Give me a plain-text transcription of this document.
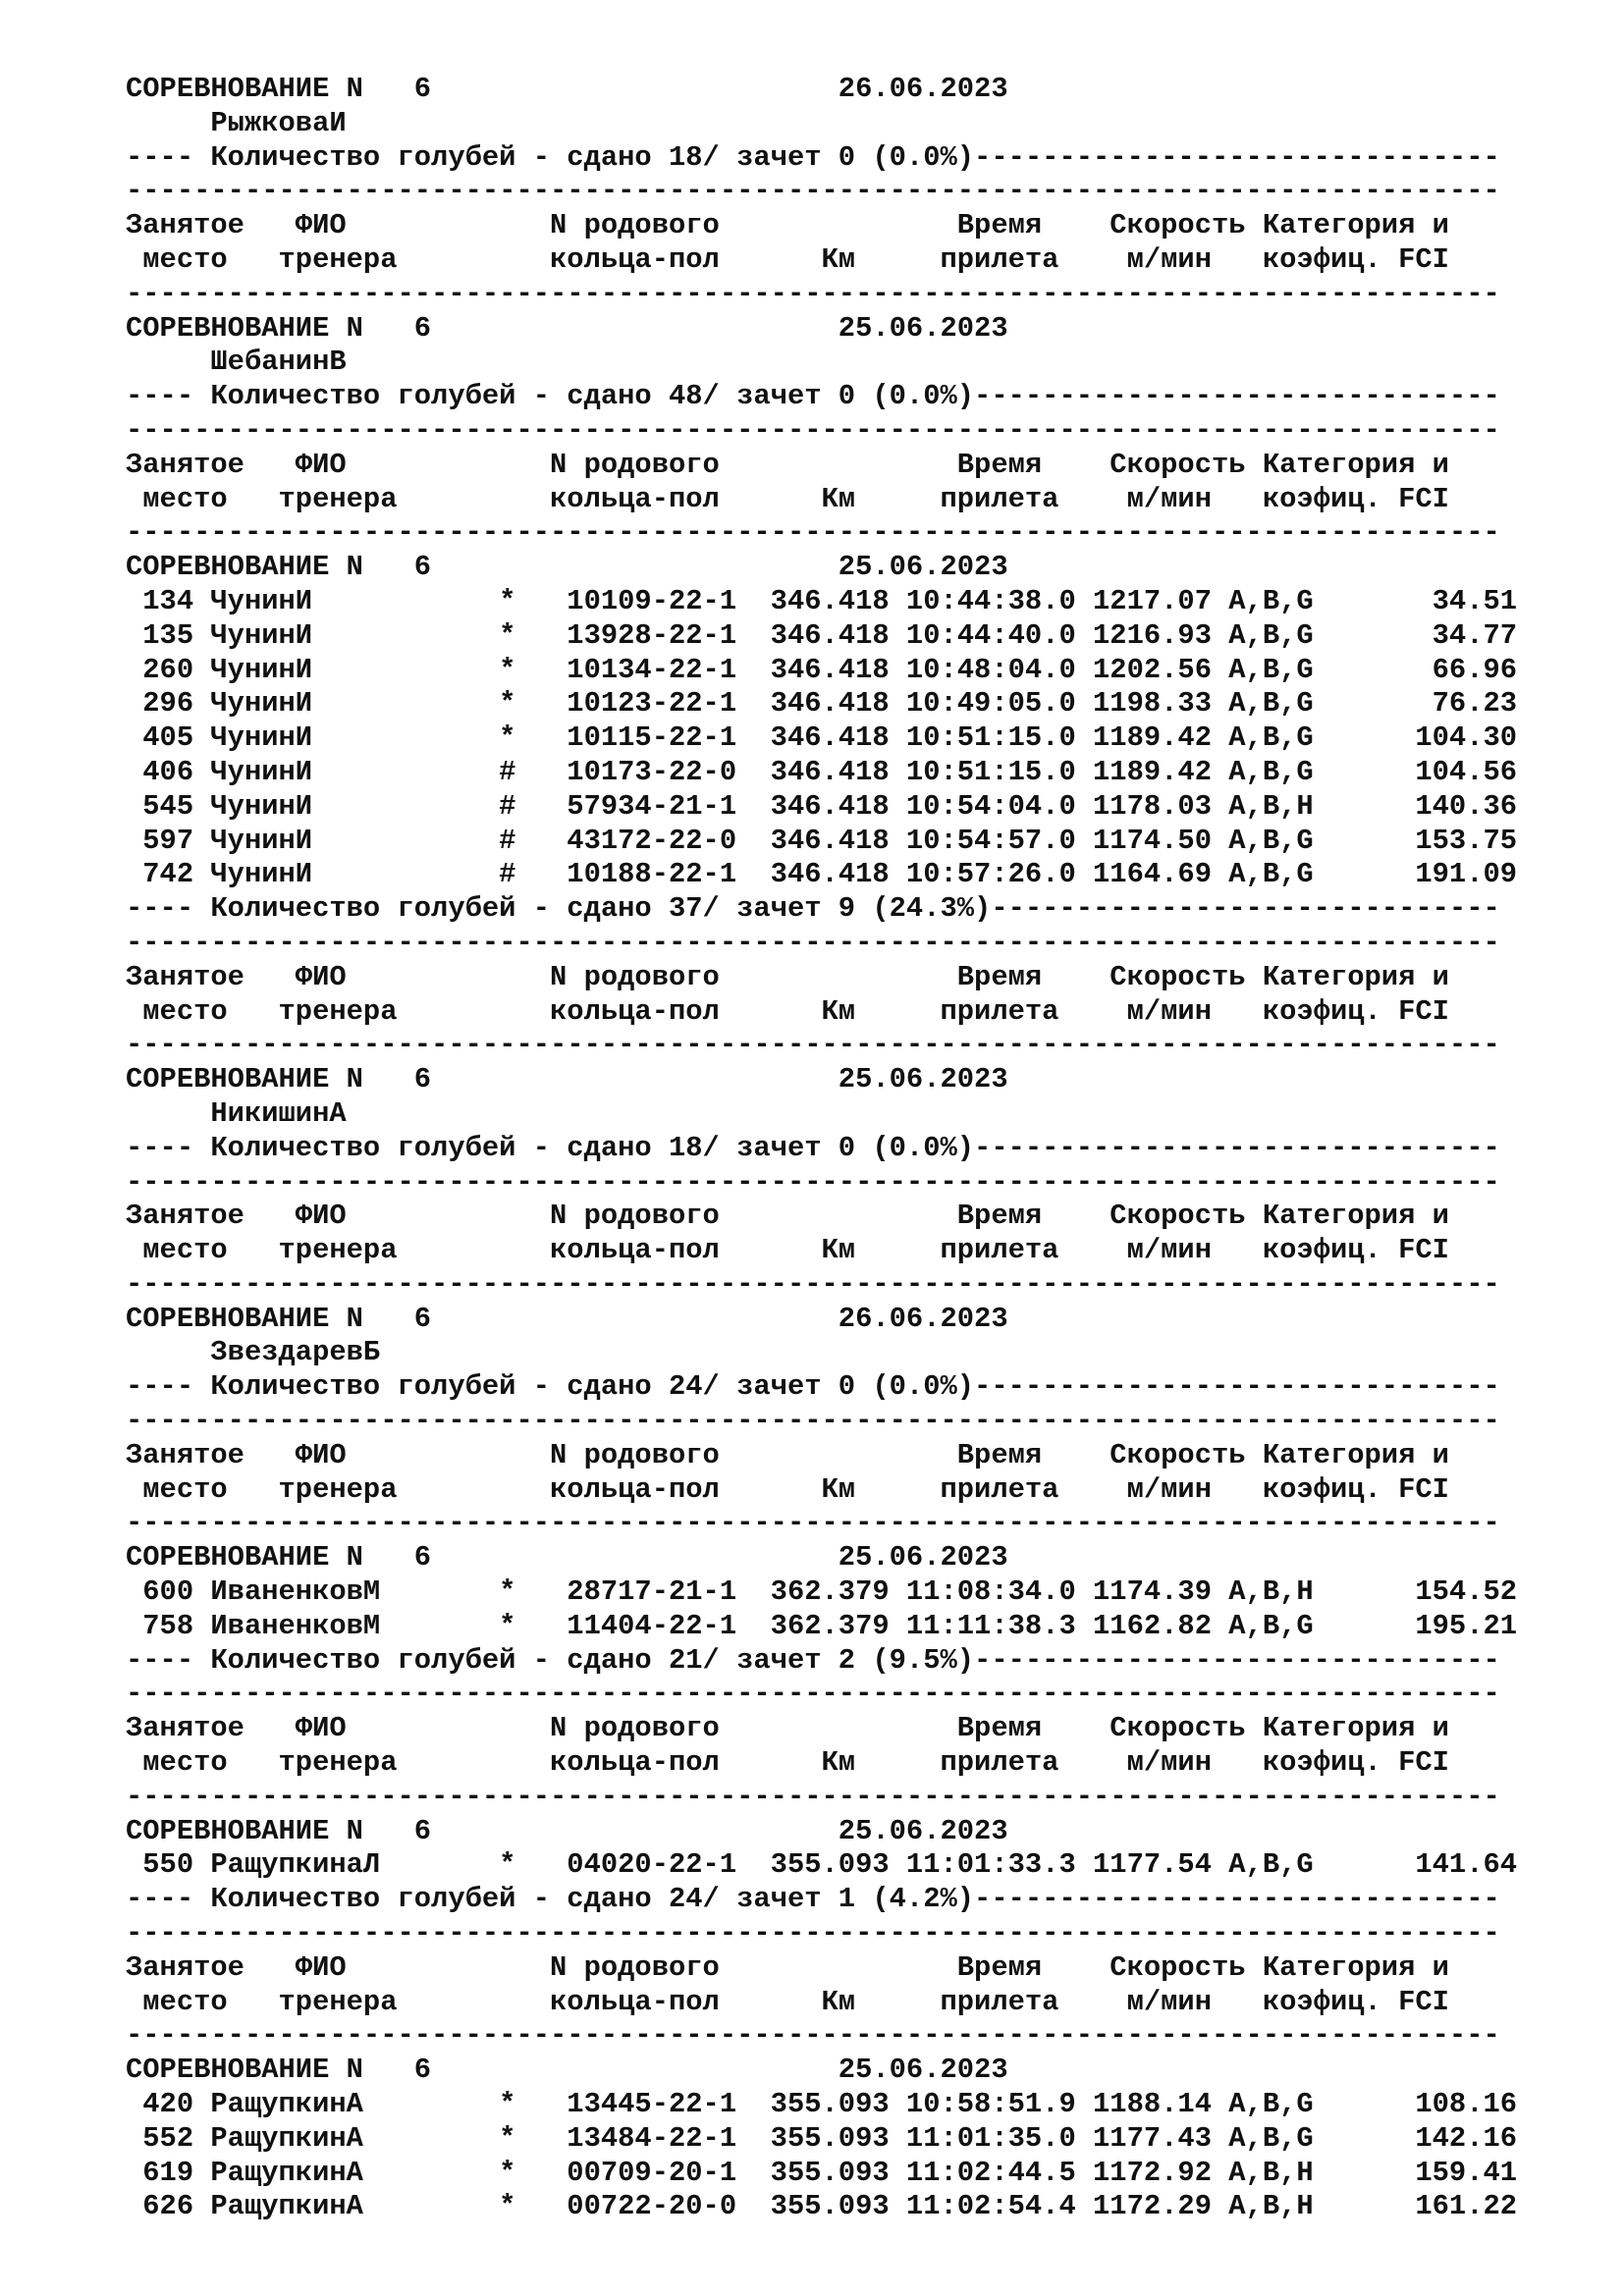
СОРЕВНОВАНИЕ N   6                        26.06.2023
РыжковаИ
---- Количество голубей - сдано 18/ зачет 0 (0.0%)-------------------------------
---------------------------------------------------------------------------------
Занятое   ФИО            N родового              Время    Скорость Категория и
место   тренера         кольца-пол      Км     прилета    м/мин   коэфиц. FCI
---------------------------------------------------------------------------------
СОРЕВНОВАНИЕ N   6                        25.06.2023
ШебанинВ
---- Количество голубей - сдано 48/ зачет 0 (0.0%)-------------------------------
---------------------------------------------------------------------------------
Занятое   ФИО            N родового              Время    Скорость Категория и
место   тренера         кольца-пол      Км     прилета    м/мин   коэфиц. FCI
---------------------------------------------------------------------------------
СОРЕВНОВАНИЕ N   6                        25.06.2023
134 ЧунинИ           *   10109-22-1  346.418 10:44:38.0 1217.07 A,B,G       34.51
135 ЧунинИ           *   13928-22-1  346.418 10:44:40.0 1216.93 A,B,G       34.77
260 ЧунинИ           *   10134-22-1  346.418 10:48:04.0 1202.56 A,B,G       66.96
296 ЧунинИ           *   10123-22-1  346.418 10:49:05.0 1198.33 A,B,G       76.23
405 ЧунинИ           *   10115-22-1  346.418 10:51:15.0 1189.42 A,B,G      104.30
406 ЧунинИ           #   10173-22-0  346.418 10:51:15.0 1189.42 A,B,G      104.56
545 ЧунинИ           #   57934-21-1  346.418 10:54:04.0 1178.03 A,B,H      140.36
597 ЧунинИ           #   43172-22-0  346.418 10:54:57.0 1174.50 A,B,G      153.75
742 ЧунинИ           #   10188-22-1  346.418 10:57:26.0 1164.69 A,B,G      191.09
---- Количество голубей - сдано 37/ зачет 9 (24.3%)------------------------------
---------------------------------------------------------------------------------
Занятое   ФИО            N родового              Время    Скорость Категория и
место   тренера         кольца-пол      Км     прилета    м/мин   коэфиц. FCI
---------------------------------------------------------------------------------
СОРЕВНОВАНИЕ N   6                        25.06.2023
НикишинА
---- Количество голубей - сдано 18/ зачет 0 (0.0%)-------------------------------
---------------------------------------------------------------------------------
Занятое   ФИО            N родового              Время    Скорость Категория и
место   тренера         кольца-пол      Км     прилета    м/мин   коэфиц. FCI
---------------------------------------------------------------------------------
СОРЕВНОВАНИЕ N   6                        26.06.2023
ЗвездаревБ
---- Количество голубей - сдано 24/ зачет 0 (0.0%)-------------------------------
---------------------------------------------------------------------------------
Занятое   ФИО            N родового              Время    Скорость Категория и
место   тренера         кольца-пол      Км     прилета    м/мин   коэфиц. FCI
---------------------------------------------------------------------------------
СОРЕВНОВАНИЕ N   6                        25.06.2023
600 ИваненковМ       *   28717-21-1  362.379 11:08:34.0 1174.39 A,B,H      154.52
758 ИваненковМ       *   11404-22-1  362.379 11:11:38.3 1162.82 A,B,G      195.21
---- Количество голубей - сдано 21/ зачет 2 (9.5%)-------------------------------
---------------------------------------------------------------------------------
Занятое   ФИО            N родового              Время    Скорость Категория и
место   тренера         кольца-пол      Км     прилета    м/мин   коэфиц. FCI
---------------------------------------------------------------------------------
СОРЕВНОВАНИЕ N   6                        25.06.2023
550 РащупкинаЛ       *   04020-22-1  355.093 11:01:33.3 1177.54 A,B,G      141.64
---- Количество голубей - сдано 24/ зачет 1 (4.2%)-------------------------------
---------------------------------------------------------------------------------
Занятое   ФИО            N родового              Время    Скорость Категория и
место   тренера         кольца-пол      Км     прилета    м/мин   коэфиц. FCI
---------------------------------------------------------------------------------
СОРЕВНОВАНИЕ N   6                        25.06.2023
420 РащупкинА        *   13445-22-1  355.093 10:58:51.9 1188.14 A,B,G      108.16
552 РащупкинА        *   13484-22-1  355.093 11:01:35.0 1177.43 A,B,G      142.16
619 РащупкинА        *   00709-20-1  355.093 11:02:44.5 1172.92 A,B,H      159.41
626 РащупкинА        *   00722-20-0  355.093 11:02:54.4 1172.29 A,B,H      161.22
